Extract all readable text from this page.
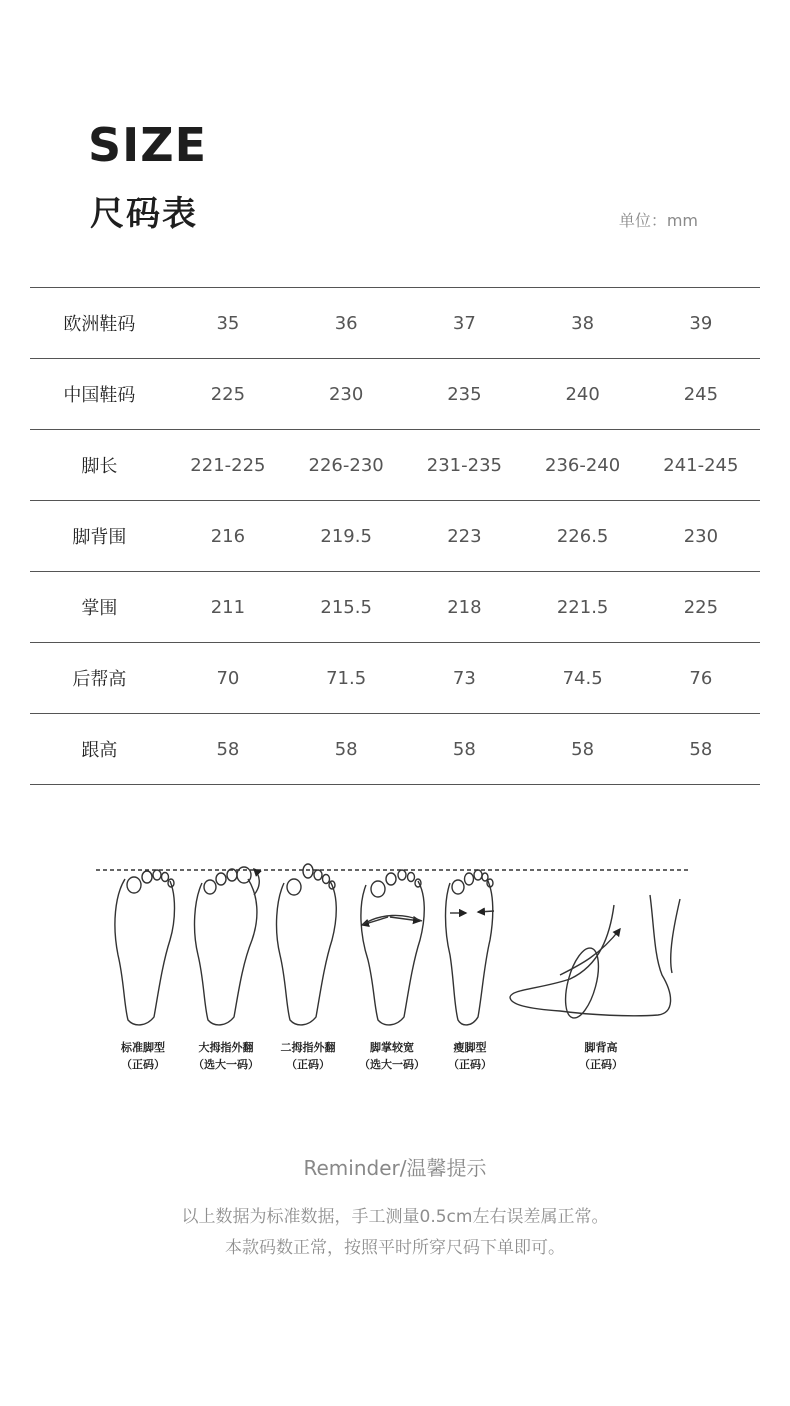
SIZE
尺码表	单位：mm
欧洲鞋码	35	36	37	38	39
中国鞋码	225	230	235	240	245
脚长	221-225	226-230	231-235	236-240	241-245
脚背围	216	219.5	223	226.5	230
掌围	211	215.5	218	221.5	225
后帮高	70	71.5	73	74.5	76
跟高	58	58	58	58	58
标准脚型
（正码）
大拇指外翻
（选大一码）
二拇指外翻
（正码）
脚掌较宽
（选大一码）
瘦脚型
（正码）
脚背高
（正码）
Reminder/温馨提示
以上数据为标准数据，手工测量0.5cm左右误差属正常。
本款码数正常，按照平时所穿尺码下单即可。
